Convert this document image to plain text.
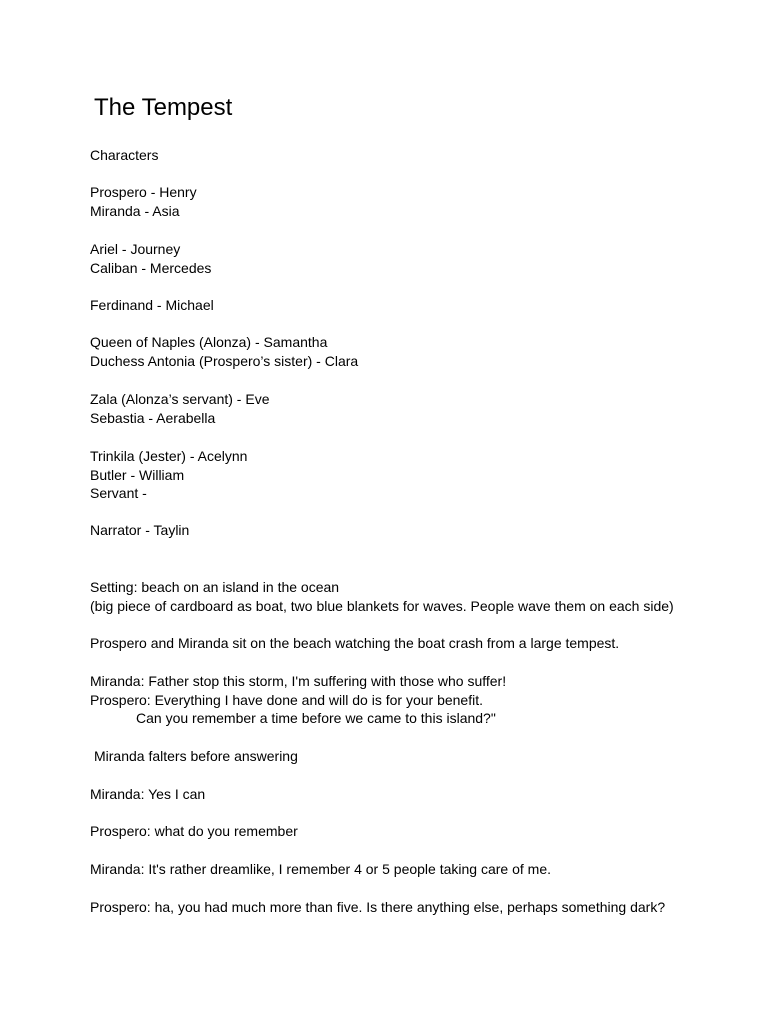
The Tempest
Characters
Prospero - Henry
Miranda - Asia
Ariel - Journey
Caliban - Mercedes
Ferdinand - Michael
Queen of Naples (Alonza) - Samantha
Duchess Antonia (Prospero’s sister) - Clara
Zala (Alonza’s servant) - Eve
Sebastia - Aerabella
Trinkila (Jester) - Acelynn
Butler - William
Servant -
Narrator - Taylin
Setting: beach on an island in the ocean
(big piece of cardboard as boat, two blue blankets for waves. People wave them on each side)
Prospero and Miranda sit on the beach watching the boat crash from a large tempest.
Miranda: Father stop this storm, I'm suffering with those who suffer!
Prospero: Everything I have done and will do is for your benefit.
Can you remember a time before we came to this island?"
Miranda falters before answering
Miranda: Yes I can
Prospero: what do you remember
Miranda: It's rather dreamlike, I remember 4 or 5 people taking care of me.
Prospero: ha, you had much more than five. Is there anything else, perhaps something dark?
